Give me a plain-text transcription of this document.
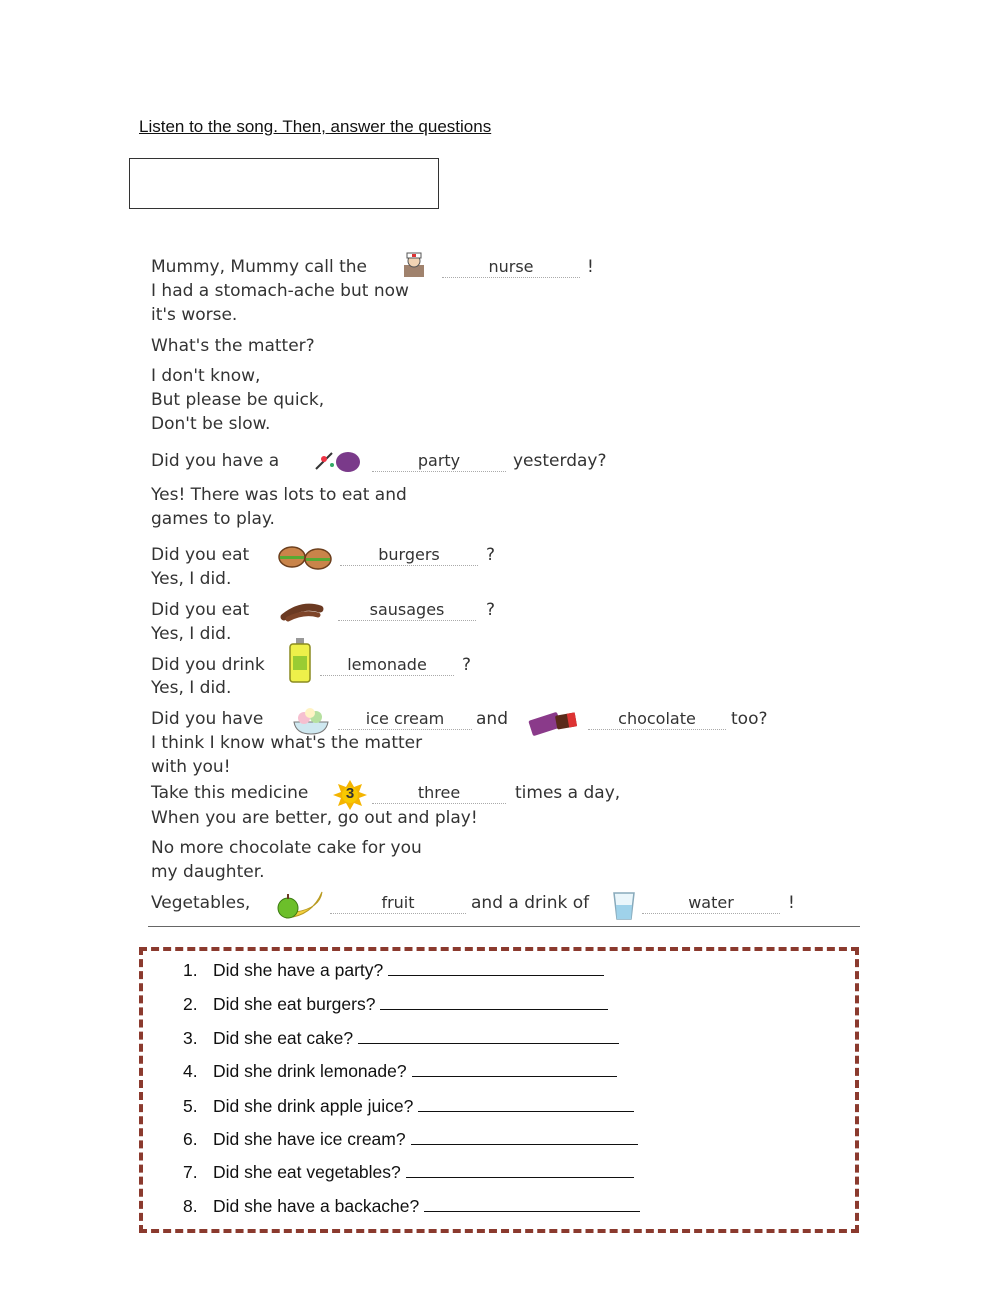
Listen to the song. Then, answer the questions
Mummy, Mummy call the	nurse	!
I had a stomach-ache but now
it's worse.
What's the matter?
I don't know,
But please be quick,
Don't be slow.
Did you have a	party	yesterday?
Yes! There was lots to eat and
games to play.
Did you eat	burgers	?
Yes, I did.
Did you eat	sausages	?
Yes, I did.
Did you drink	lemonade	?
Yes, I did.
Did you have	ice cream	and	chocolate	too?
I think I know what's the matter
with you!
Take this medicine	3	three	times a day,
When you are better, go out and play!
No more chocolate cake for you
my daughter.
Vegetables,	fruit	and a drink of	water	!
1. Did she have a party?
2. Did she eat burgers?
3. Did she eat cake?
4. Did she drink lemonade?
5. Did she drink apple juice?
6. Did she have ice cream?
7. Did she eat vegetables?
8. Did she have a backache?
